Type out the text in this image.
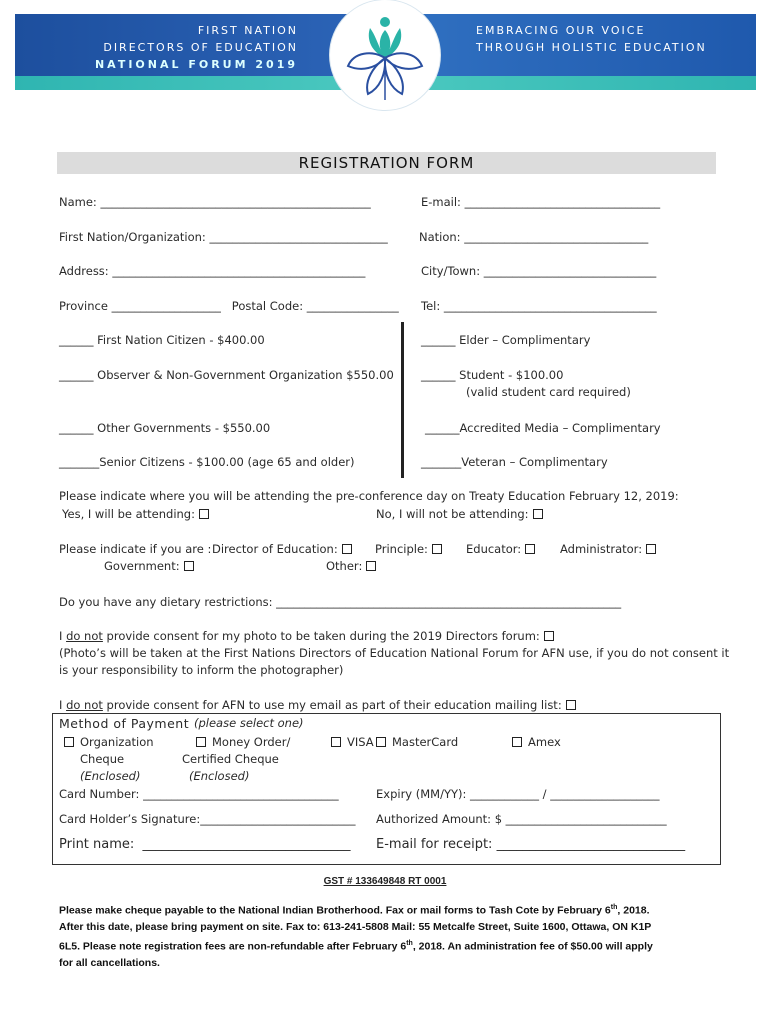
FIRST NATION
DIRECTORS OF EDUCATION
NATIONAL FORUM 2019
EMBRACING OUR VOICE
THROUGH HOLISTIC EDUCATION
REGISTRATION FORM
Name: _______________________________________________	E-mail: __________________________________
First Nation/Organization: _______________________________	Nation: ________________________________
Address: ____________________________________________	City/Town: ______________________________
Province ___________________   Postal Code: ________________ Tel: _____________________________________
______ First Nation Citizen - $400.00	______ Elder – Complimentary
______ Observer & Non-Government Organization $550.00 ______ Student - $100.00
(valid student card required)
______ Other Governments - $550.00	______Accredited Media – Complimentary
_______Senior Citizens - $100.00 (age 65 and older)	_______Veteran – Complimentary
Please indicate where you will be attending the pre-conference day on Treaty Education February 12, 2019:
Yes, I will be attending:	No, I will not be attending:
Please indicate if you are : Director of Education:	Principle:	Educator:	Administrator:
Government:	Other:
Do you have any dietary restrictions: ____________________________________________________________
I do not provide consent for my photo to be taken during the 2019 Directors forum:
(Photo’s will be taken at the First Nations Directors of Education National Forum for AFN use, if you do not consent it
is your responsibility to inform the photographer)
I do not provide consent for AFN to use my email as part of their education mailing list:
Method of Payment (please select one)
Organization
Cheque
(Enclosed)
Money Order/
Certified Cheque
(Enclosed)
VISA	MasterCard	Amex
Card Number: __________________________________	Expiry (MM/YY): ____________ / ___________________
Card Holder’s Signature:___________________________ Authorized Amount: $ ____________________________
Print name:  ________________________________ E-mail for receipt: _____________________________
GST # 133649848 RT 0001
Please make cheque payable to the National Indian Brotherhood. Fax or mail forms to Tash Cote by February 6th, 2018.
After this date, please bring payment on site. Fax to: 613-241-5808 Mail: 55 Metcalfe Street, Suite 1600, Ottawa, ON K1P
6L5. Please note registration fees are non-refundable after February 6th, 2018. An administration fee of $50.00 will apply
for all cancellations.
